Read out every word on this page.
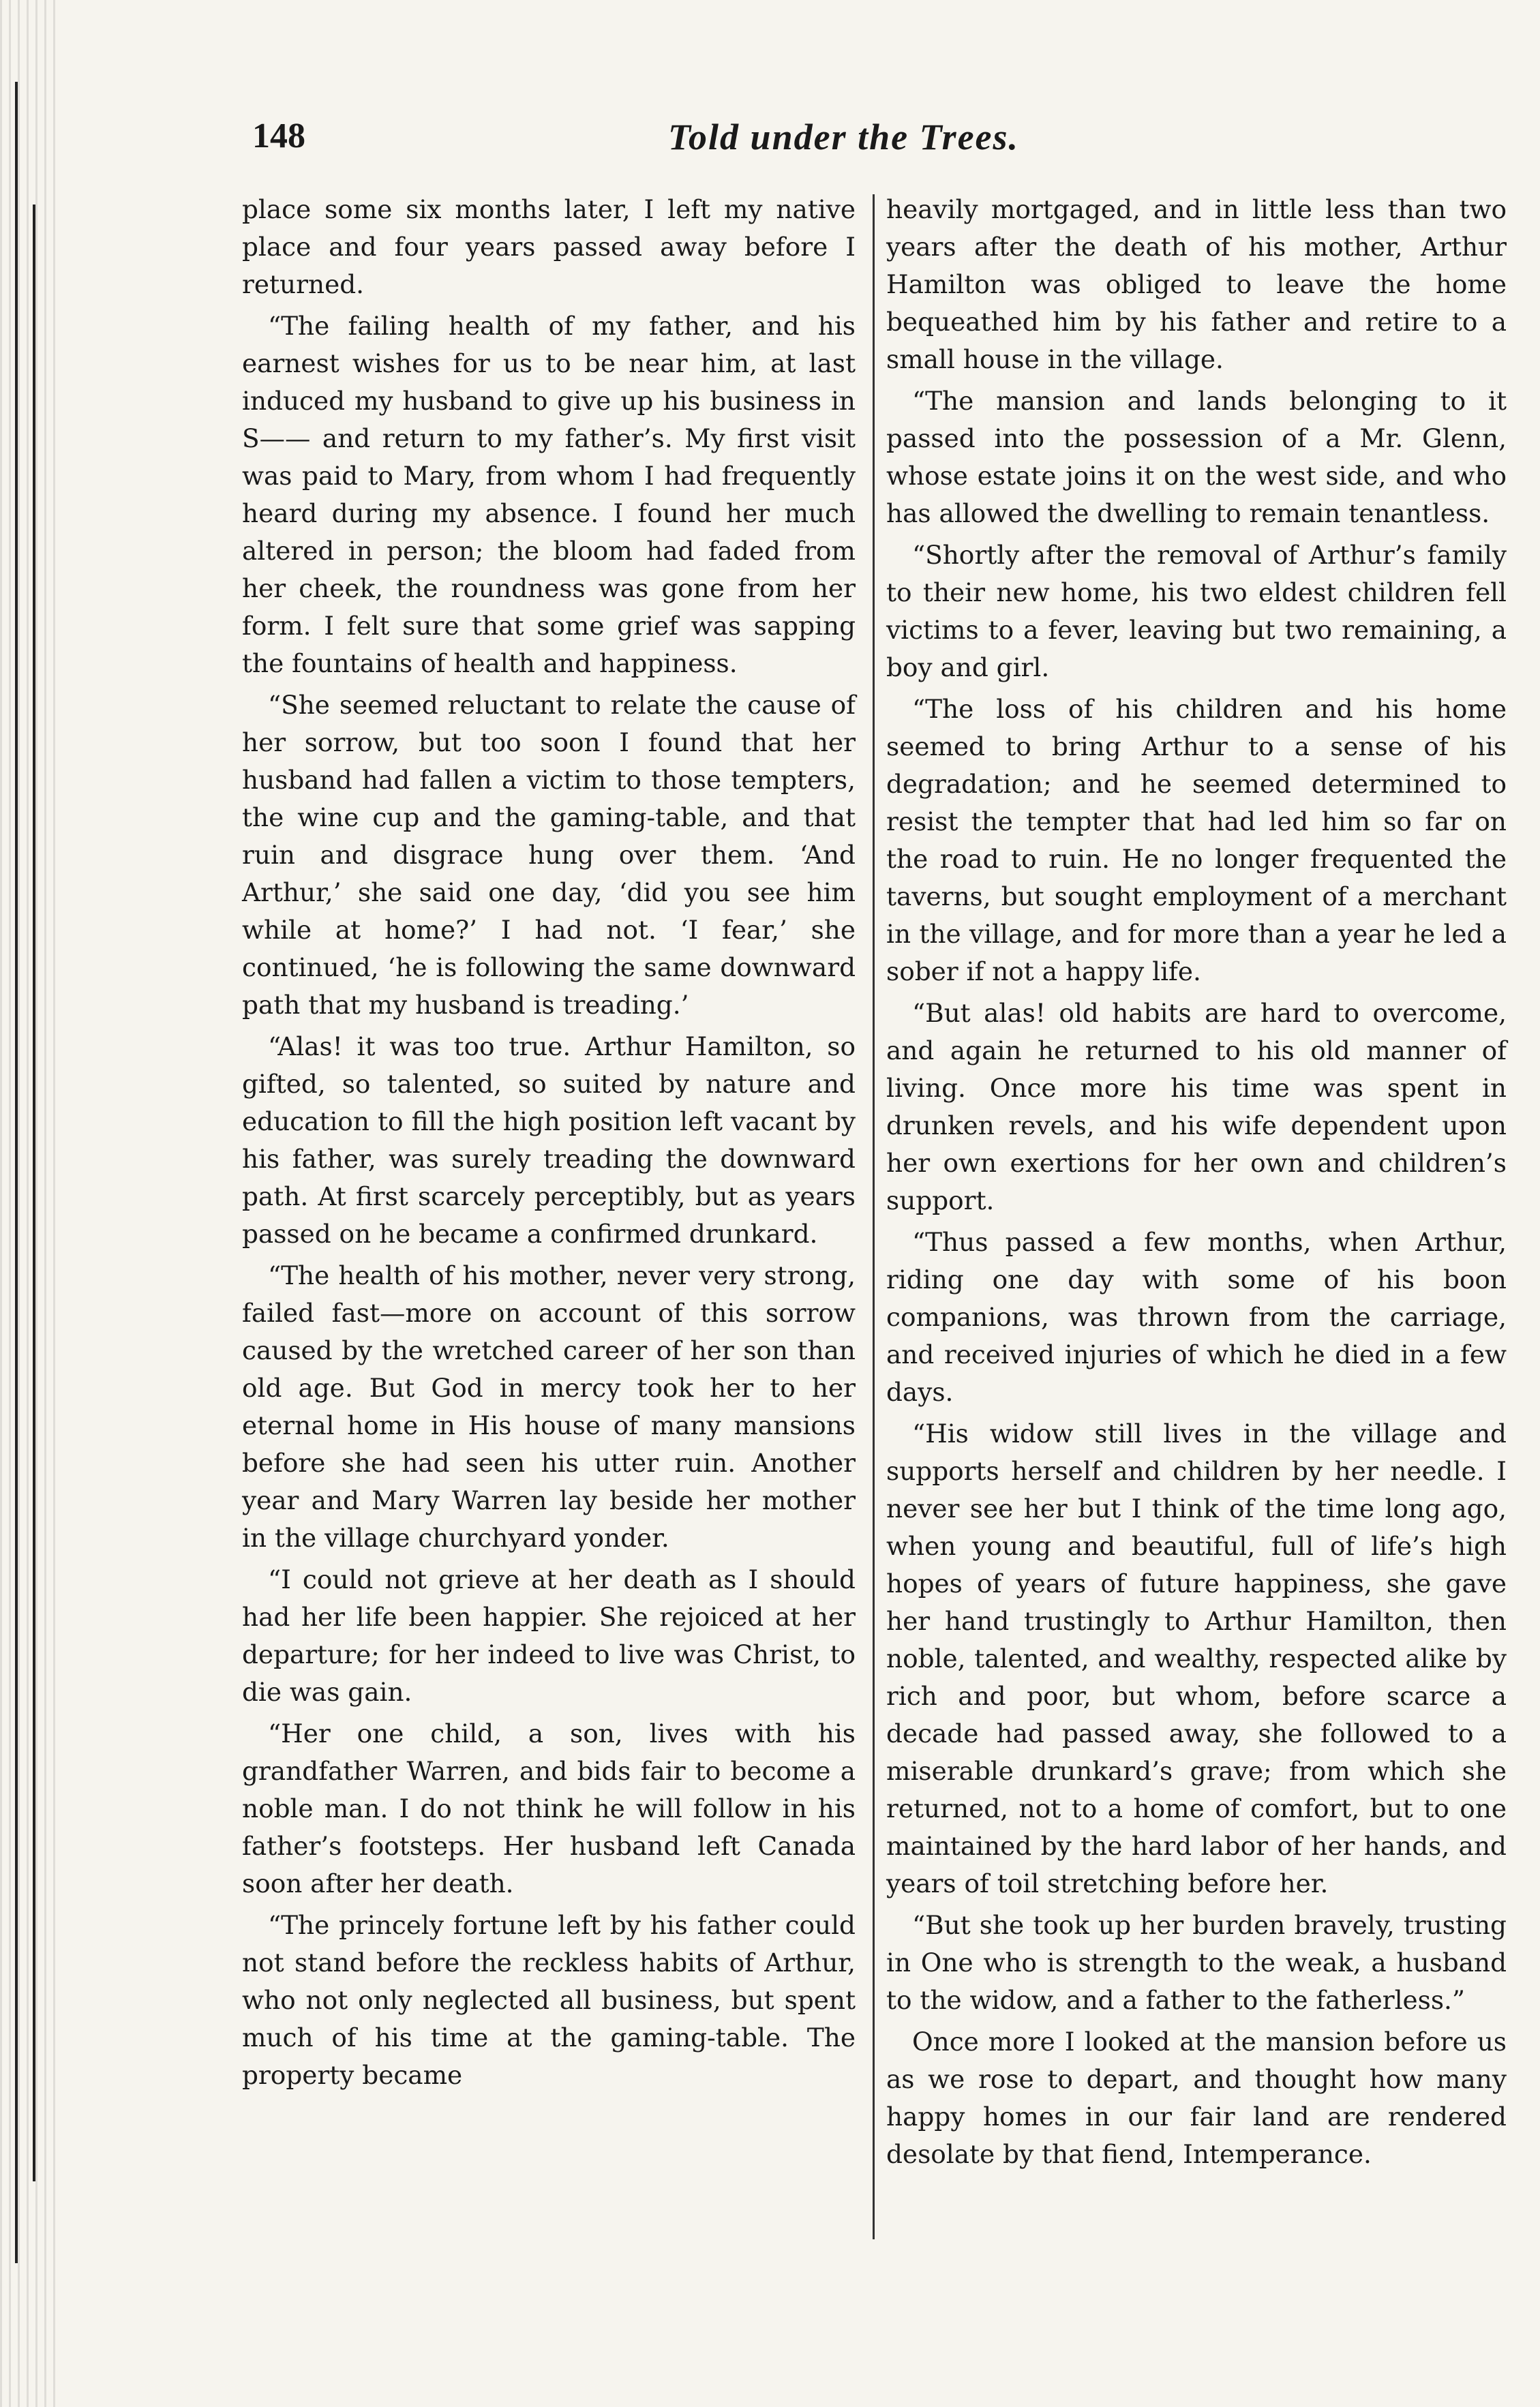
148	Told under the Trees.

place some six months later, I left my native place and four years passed away before I returned.

“The failing health of my father, and his earnest wishes for us to be near him, at last induced my husband to give up his business in S—— and return to my father’s. My first visit was paid to Mary, from whom I had frequently heard during my absence. I found her much altered in person; the bloom had faded from her cheek, the roundness was gone from her form. I felt sure that some grief was sapping the fountains of health and happiness.

“She seemed reluctant to relate the cause of her sorrow, but too soon I found that her husband had fallen a victim to those tempters, the wine cup and the gaming-table, and that ruin and disgrace hung over them. ‘And Arthur,’ she said one day, ‘did you see him while at home?’ I had not. ‘I fear,’ she continued, ‘he is following the same downward path that my husband is treading.’

“Alas! it was too true. Arthur Hamilton, so gifted, so talented, so suited by nature and education to fill the high position left vacant by his father, was surely treading the downward path. At first scarcely perceptibly, but as years passed on he became a confirmed drunkard.

“The health of his mother, never very strong, failed fast—more on account of this sorrow caused by the wretched career of her son than old age. But God in mercy took her to her eternal home in His house of many mansions before she had seen his utter ruin. Another year and Mary Warren lay beside her mother in the village churchyard yonder.

“I could not grieve at her death as I should had her life been happier. She rejoiced at her departure; for her indeed to live was Christ, to die was gain.

“Her one child, a son, lives with his grandfather Warren, and bids fair to become a noble man. I do not think he will follow in his father’s footsteps. Her husband left Canada soon after her death.

“The princely fortune left by his father could not stand before the reckless habits of Arthur, who not only neglected all business, but spent much of his time at the gaming-table. The property became

heavily mortgaged, and in little less than two years after the death of his mother, Arthur Hamilton was obliged to leave the home bequeathed him by his father and retire to a small house in the village.

“The mansion and lands belonging to it passed into the possession of a Mr. Glenn, whose estate joins it on the west side, and who has allowed the dwelling to remain tenantless.

“Shortly after the removal of Arthur’s family to their new home, his two eldest children fell victims to a fever, leaving but two remaining, a boy and girl.

“The loss of his children and his home seemed to bring Arthur to a sense of his degradation; and he seemed determined to resist the tempter that had led him so far on the road to ruin. He no longer frequented the taverns, but sought employment of a merchant in the village, and for more than a year he led a sober if not a happy life.

“But alas! old habits are hard to overcome, and again he returned to his old manner of living. Once more his time was spent in drunken revels, and his wife dependent upon her own exertions for her own and children’s support.

“Thus passed a few months, when Arthur, riding one day with some of his boon companions, was thrown from the carriage, and received injuries of which he died in a few days.

“His widow still lives in the village and supports herself and children by her needle. I never see her but I think of the time long ago, when young and beautiful, full of life’s high hopes of years of future happiness, she gave her hand trustingly to Arthur Hamilton, then noble, talented, and wealthy, respected alike by rich and poor, but whom, before scarce a decade had passed away, she followed to a miserable drunkard’s grave; from which she returned, not to a home of comfort, but to one maintained by the hard labor of her hands, and years of toil stretching before her.

“But she took up her burden bravely, trusting in One who is strength to the weak, a husband to the widow, and a father to the fatherless.”

Once more I looked at the mansion before us as we rose to depart, and thought how many happy homes in our fair land are rendered desolate by that fiend, Intemperance.
